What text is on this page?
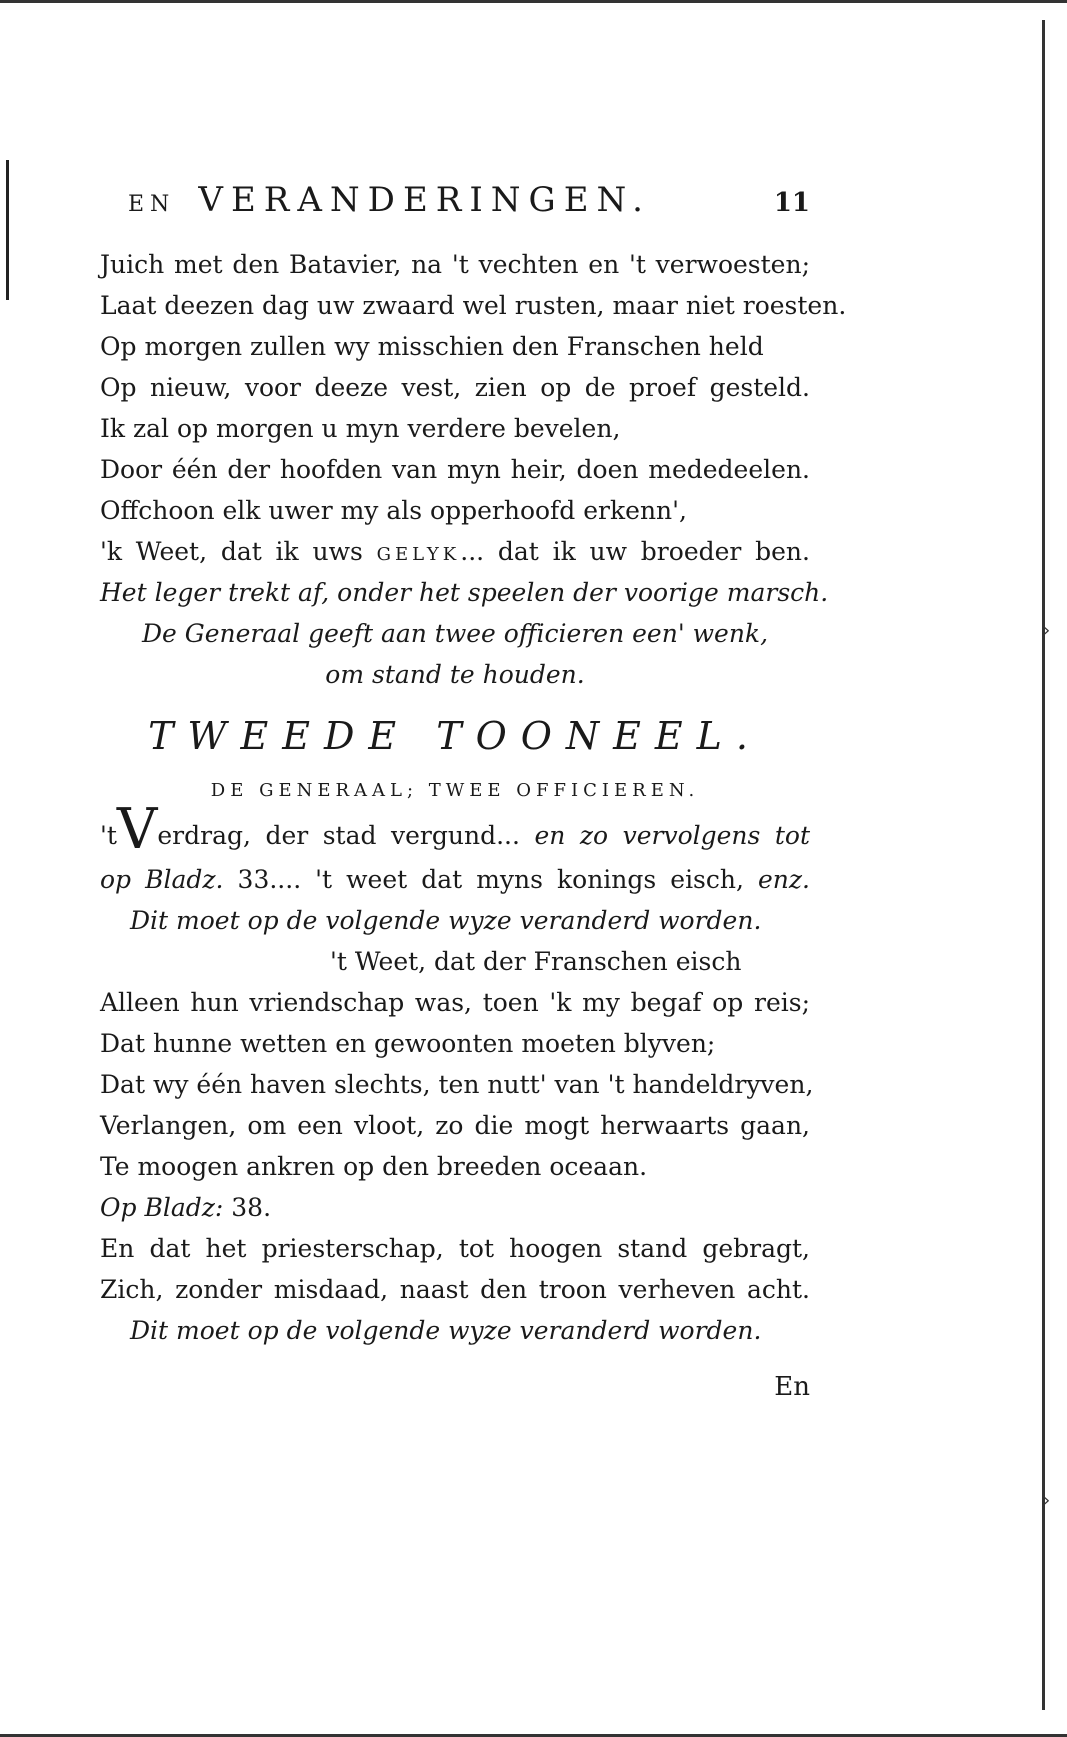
›
›
EN VERANDERINGEN.	11
Juich met den Batavier, na 't vechten en 't verwoesten;
Laat deezen dag uw zwaard wel rusten, maar niet roesten.
Op morgen zullen wy misschien den Franschen held
Op nieuw, voor deeze vest, zien op de proef gesteld.
Ik zal op morgen u myn verdere bevelen,
Door één der hoofden van myn heir, doen mededeelen.
Offchoon elk uwer my als opperhoofd erkenn',
'k Weet, dat ik uws GELYK... dat ik uw broeder ben.
Het leger trekt af, onder het speelen der voorige marsch.
De Generaal geeft aan twee officieren een' wenk,
om stand te houden.
TWEEDE TOONEEL.
DE GENERAAL; TWEE OFFICIEREN.
'tVerdrag, der stad vergund... en zo vervolgens tot
op Bladz. 33.... 't weet dat myns konings eisch, enz.
Dit moet op de volgende wyze veranderd worden.
't Weet, dat der Franschen eisch
Alleen hun vriendschap was, toen 'k my begaf op reis;
Dat hunne wetten en gewoonten moeten blyven;
Dat wy één haven slechts, ten nutt' van 't handeldryven,
Verlangen, om een vloot, zo die mogt herwaarts gaan,
Te moogen ankren op den breeden oceaan.
Op Bladz: 38.
En dat het priesterschap, tot hoogen stand gebragt,
Zich, zonder misdaad, naast den troon verheven acht.
Dit moet op de volgende wyze veranderd worden.
En
